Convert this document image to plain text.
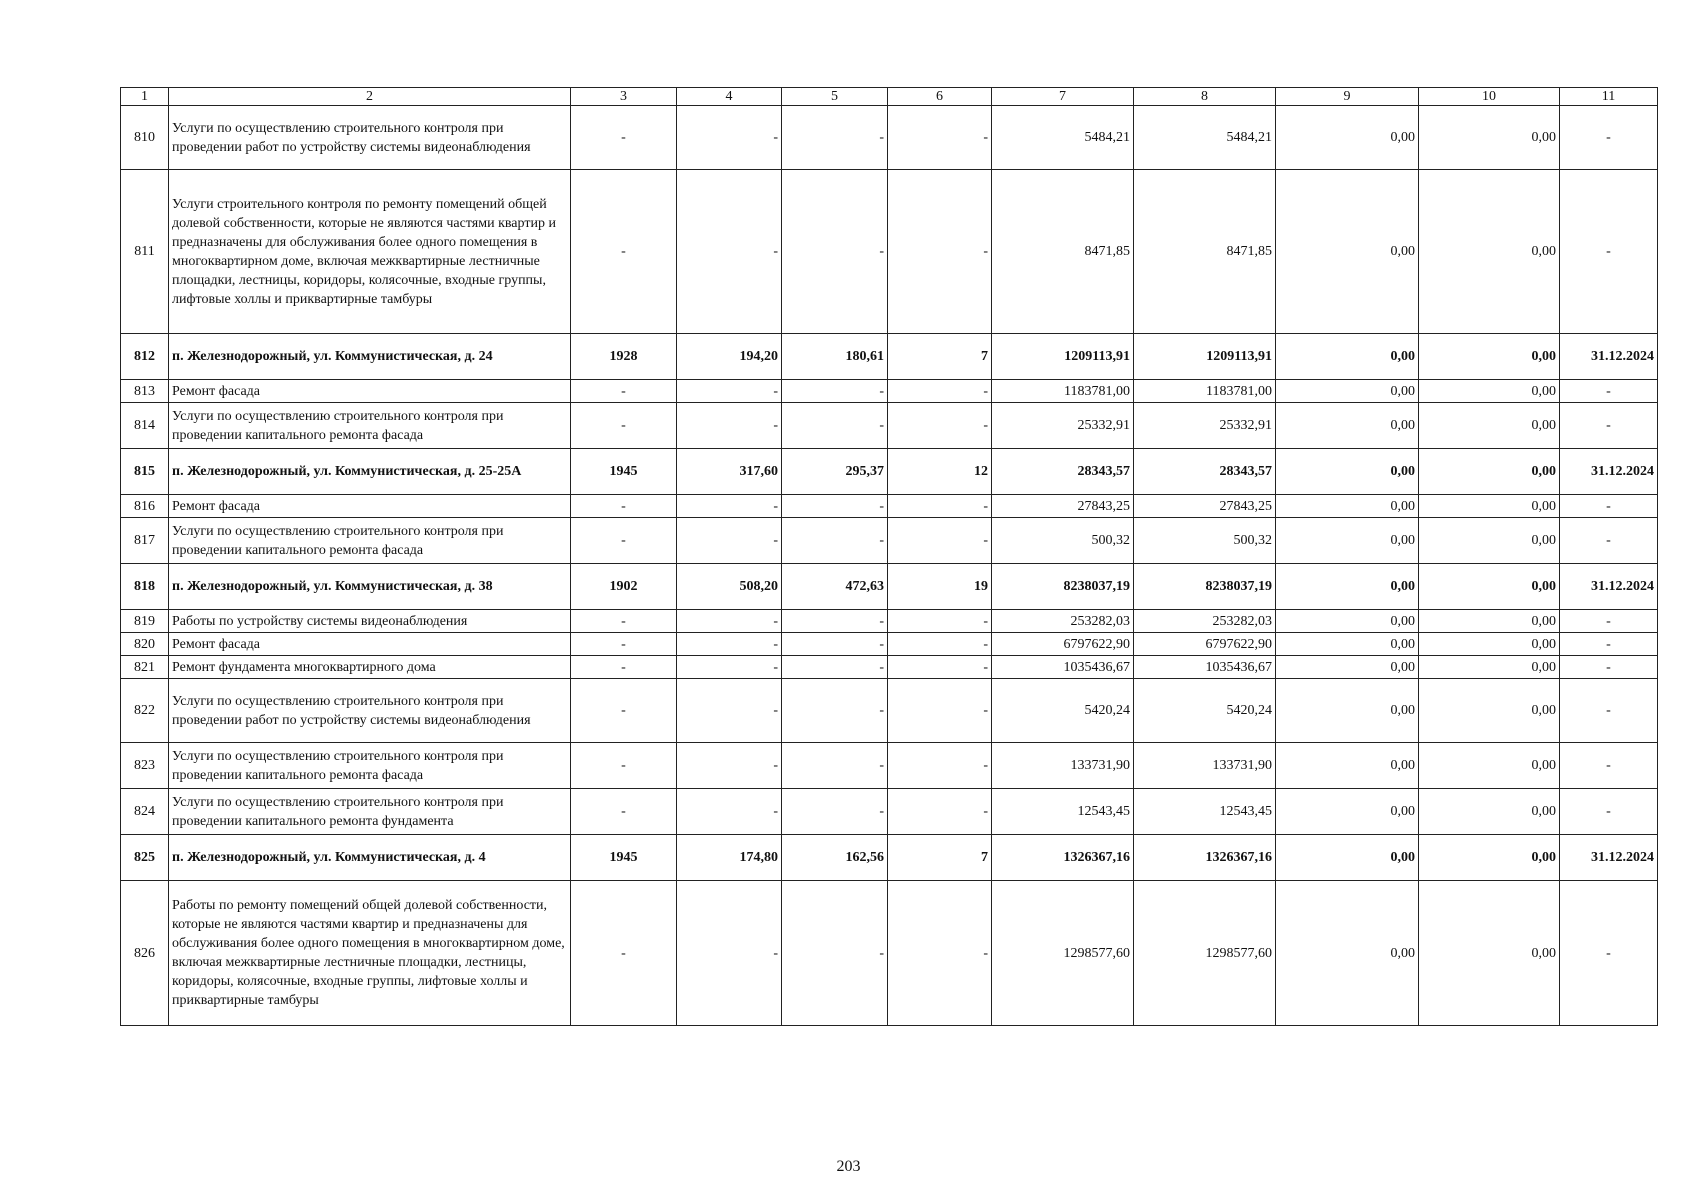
1	2	3	4	5	6	7	8	9	10	11
810	Услуги по осуществлению строительного контроля при проведении работ по устройству системы видеонаблюдения	-	-	-	-	5484,21	5484,21	0,00	0,00	-
811	Услуги строительного контроля по ремонту помещений общей долевой собственности, которые не являются частями квартир и предназначены для обслуживания более одного помещения в многоквартирном доме, включая межквартирные лестничные площадки, лестницы, коридоры, колясочные, входные группы, лифтовые холлы и приквартирные тамбуры	-	-	-	-	8471,85	8471,85	0,00	0,00	-
812	п. Железнодорожный, ул. Коммунистическая, д. 24	1928	194,20	180,61	7	1209113,91	1209113,91	0,00	0,00	31.12.2024
813	Ремонт фасада	-	-	-	-	1183781,00	1183781,00	0,00	0,00	-
814	Услуги по осуществлению строительного контроля при проведении капитального ремонта фасада	-	-	-	-	25332,91	25332,91	0,00	0,00	-
815	п. Железнодорожный, ул. Коммунистическая, д. 25-25А	1945	317,60	295,37	12	28343,57	28343,57	0,00	0,00	31.12.2024
816	Ремонт фасада	-	-	-	-	27843,25	27843,25	0,00	0,00	-
817	Услуги по осуществлению строительного контроля при проведении капитального ремонта фасада	-	-	-	-	500,32	500,32	0,00	0,00	-
818	п. Железнодорожный, ул. Коммунистическая, д. 38	1902	508,20	472,63	19	8238037,19	8238037,19	0,00	0,00	31.12.2024
819	Работы по устройству системы видеонаблюдения	-	-	-	-	253282,03	253282,03	0,00	0,00	-
820	Ремонт фасада	-	-	-	-	6797622,90	6797622,90	0,00	0,00	-
821	Ремонт фундамента многоквартирного дома	-	-	-	-	1035436,67	1035436,67	0,00	0,00	-
822	Услуги по осуществлению строительного контроля при проведении работ по устройству системы видеонаблюдения	-	-	-	-	5420,24	5420,24	0,00	0,00	-
823	Услуги по осуществлению строительного контроля при проведении капитального ремонта фасада	-	-	-	-	133731,90	133731,90	0,00	0,00	-
824	Услуги по осуществлению строительного контроля при проведении капитального ремонта фундамента	-	-	-	-	12543,45	12543,45	0,00	0,00	-
825	п. Железнодорожный, ул. Коммунистическая, д. 4	1945	174,80	162,56	7	1326367,16	1326367,16	0,00	0,00	31.12.2024
826	Работы по ремонту помещений общей долевой собственности, которые не являются частями квартир и предназначены для обслуживания более одного помещения в многоквартирном доме, включая межквартирные лестничные площадки, лестницы, коридоры, колясочные, входные группы, лифтовые холлы и приквартирные тамбуры	-	-	-	-	1298577,60	1298577,60	0,00	0,00	-
203
